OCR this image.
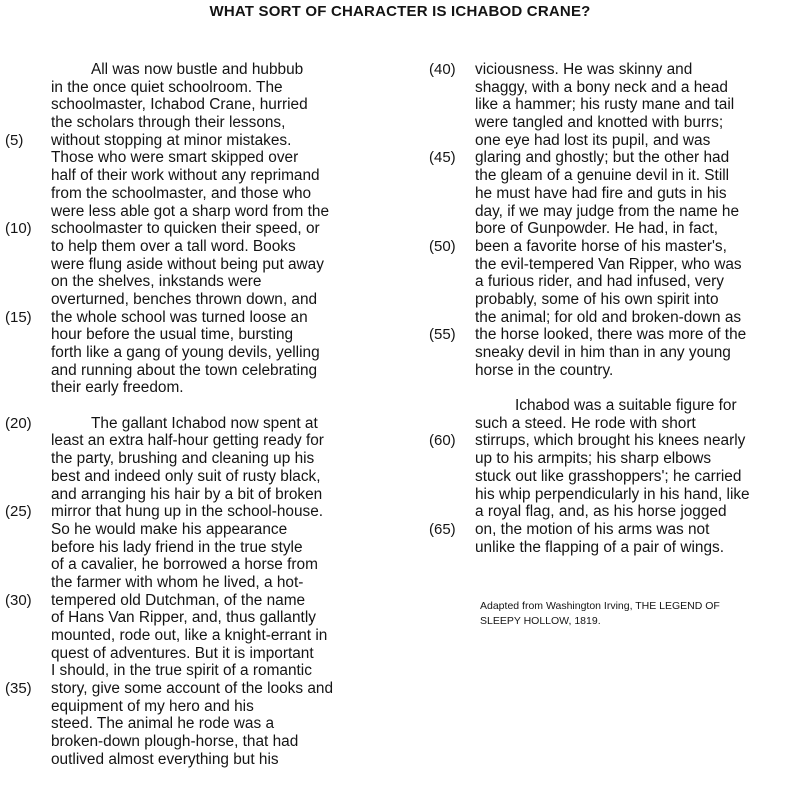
WHAT SORT OF CHARACTER IS ICHABOD CRANE?
All was now bustle and hubbub
in the once quiet schoolroom. The
schoolmaster, Ichabod Crane, hurried
the scholars through their lessons,
(5)	without stopping at minor mistakes.
Those who were smart skipped over
half of their work without any reprimand
from the schoolmaster, and those who
were less able got a sharp word from the
(10)	schoolmaster to quicken their speed, or
to help them over a tall word. Books
were flung aside without being put away
on the shelves, inkstands were
overturned, benches thrown down, and
(15)	the whole school was turned loose an
hour before the usual time, bursting
forth like a gang of young devils, yelling
and running about the town celebrating
their early freedom.
(20)	The gallant Ichabod now spent at
least an extra half-hour getting ready for
the party, brushing and cleaning up his
best and indeed only suit of rusty black,
and arranging his hair by a bit of broken
(25)	mirror that hung up in the school-house.
So he would make his appearance
before his lady friend in the true style
of a cavalier, he borrowed a horse from
the farmer with whom he lived, a hot-
(30)	tempered old Dutchman, of the name
of Hans Van Ripper, and, thus gallantly
mounted, rode out, like a knight-errant in
quest of adventures. But it is important
I should, in the true spirit of a romantic
(35)	story, give some account of the looks and
equipment of my hero and his
steed. The animal he rode was a
broken-down plough-horse, that had
outlived almost everything but his
(40)	viciousness. He was skinny and
shaggy, with a bony neck and a head
like a hammer; his rusty mane and tail
were tangled and knotted with burrs;
one eye had lost its pupil, and was
(45)	glaring and ghostly; but the other had
the gleam of a genuine devil in it. Still
he must have had fire and guts in his
day, if we may judge from the name he
bore of Gunpowder. He had, in fact,
(50)	been a favorite horse of his master's,
the evil-tempered Van Ripper, who was
a furious rider, and had infused, very
probably, some of his own spirit into
the animal; for old and broken-down as
(55)	the horse looked, there was more of the
sneaky devil in him than in any young
horse in the country.
Ichabod was a suitable figure for
such a steed. He rode with short
(60)	stirrups, which brought his knees nearly
up to his armpits; his sharp elbows
stuck out like grasshoppers'; he carried
his whip perpendicularly in his hand, like
a royal flag, and, as his horse jogged
(65)	on, the motion of his arms was not
unlike the flapping of a pair of wings.
Adapted from Washington Irving, THE LEGEND OF
SLEEPY HOLLOW, 1819.
